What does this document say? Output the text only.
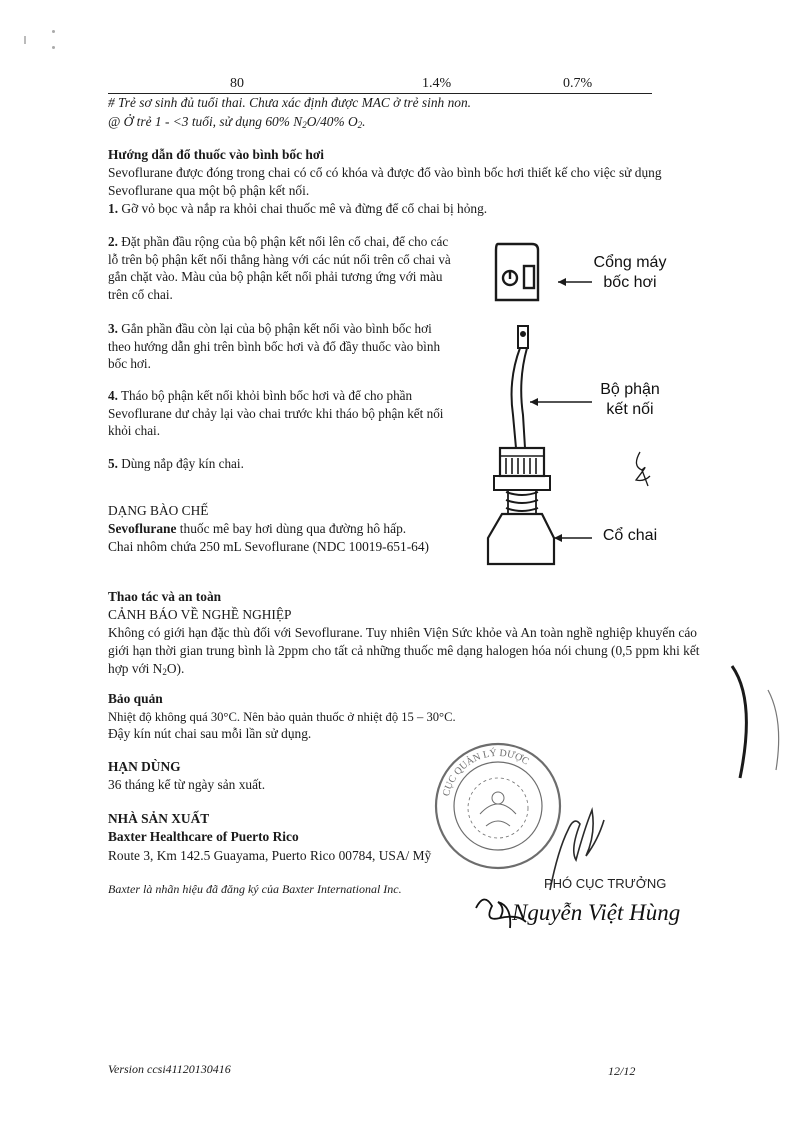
80	1.4%	0.7%
# Trẻ sơ sinh đủ tuổi thai. Chưa xác định được MAC ở trẻ sinh non.
@ Ở trẻ 1 - <3 tuổi, sử dụng 60% $N_2O/40\%$ $O_2$.
Hướng dẫn đổ thuốc vào bình bốc hơi
Sevoflurane được đóng trong chai có cổ có khóa và được đổ vào bình bốc hơi thiết kế cho việc sử dụng Sevoflurane qua một bộ phận kết nối.
1. Gỡ vỏ bọc và nắp ra khỏi chai thuốc mê và đừng để cổ chai bị hỏng.
2. Đặt phần đầu rộng của bộ phận kết nối lên cổ chai, để cho các lỗ trên bộ phận kết nối thẳng hàng với các nút nối trên cổ chai và gắn chặt vào. Màu của bộ phận kết nối phải tương ứng với màu trên cổ chai.
3. Gắn phần đầu còn lại của bộ phận kết nối vào bình bốc hơi theo hướng dẫn ghi trên bình bốc hơi và đổ đầy thuốc vào bình bốc hơi.
4. Tháo bộ phận kết nối khỏi bình bốc hơi và để cho phần Sevoflurane dư chảy lại vào chai trước khi tháo bộ phận kết nối khỏi chai.
5. Dùng nắp đậy kín chai.
Cổng máy
bốc hơi
Bộ phận
kết nối
Cổ chai
DẠNG BÀO CHẾ
Sevoflurane thuốc mê bay hơi dùng qua đường hô hấp.
Chai nhôm chứa 250 mL Sevoflurane (NDC 10019-651-64)
Thao tác và an toàn
CẢNH BÁO VỀ NGHỀ NGHIỆP
Không có giới hạn đặc thù đối với Sevoflurane. Tuy nhiên Viện Sức khỏe và An toàn nghề nghiệp khuyến cáo giới hạn thời gian trung bình là 2ppm cho tất cả những thuốc mê dạng halogen hóa nói chung (0,5 ppm khi kết hợp với $N_2O$).
Bảo quản
Nhiệt độ không quá 30°C. Nên bảo quản thuốc ở nhiệt độ 15 – 30°C.
Đậy kín nút chai sau mỗi lần sử dụng.
HẠN DÙNG
36 tháng kể từ ngày sản xuất.
NHÀ SẢN XUẤT
Baxter Healthcare of Puerto Rico
Route 3, Km 142.5 Guayama, Puerto Rico 00784, USA/ Mỹ
Baxter là nhãn hiệu đã đăng ký của Baxter International Inc.
CỤC QUẢN LÝ DƯỢC
PHÓ CỤC TRƯỞNG
Nguyễn Việt Hùng
Version ccsi41120130416	12/12
